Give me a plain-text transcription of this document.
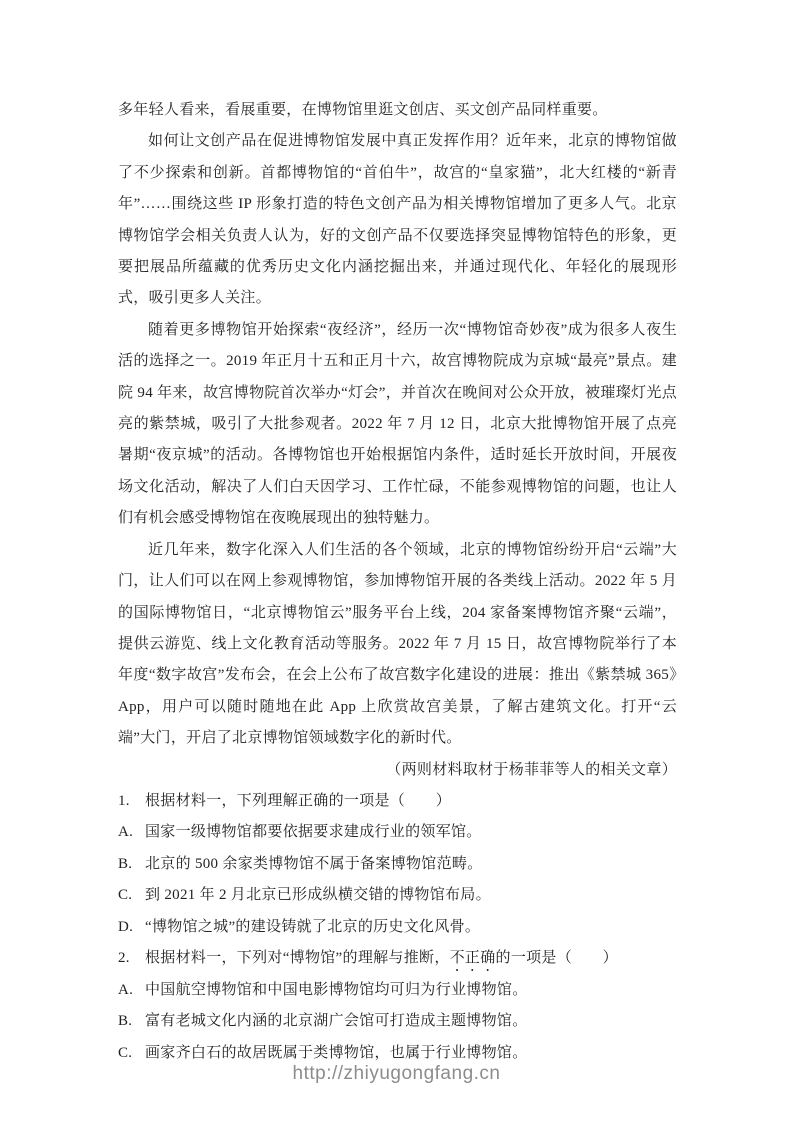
多年轻人看来，看展重要，在博物馆里逛文创店、买文创产品同样重要。

如何让文创产品在促进博物馆发展中真正发挥作用？近年来，北京的博物馆做了不少探索和创新。首都博物馆的“首伯牛”，故宫的“皇家猫”，北大红楼的“新青年”……围绕这些 IP 形象打造的特色文创产品为相关博物馆增加了更多人气。北京博物馆学会相关负责人认为，好的文创产品不仅要选择突显博物馆特色的形象，更要把展品所蕴藏的优秀历史文化内涵挖掘出来，并通过现代化、年轻化的展现形式，吸引更多人关注。

随着更多博物馆开始探索“夜经济”，经历一次“博物馆奇妙夜”成为很多人夜生活的选择之一。2019 年正月十五和正月十六，故宫博物院成为京城“最亮”景点。建院 94 年来，故宫博物院首次举办“灯会”，并首次在晚间对公众开放，被璀璨灯光点亮的紫禁城，吸引了大批参观者。2022 年 7 月 12 日，北京大批博物馆开展了点亮暑期“夜京城”的活动。各博物馆也开始根据馆内条件，适时延长开放时间，开展夜场文化活动，解决了人们白天因学习、工作忙碌，不能参观博物馆的问题，也让人们有机会感受博物馆在夜晚展现出的独特魅力。

近几年来，数字化深入人们生活的各个领域，北京的博物馆纷纷开启“云端”大门，让人们可以在网上参观博物馆，参加博物馆开展的各类线上活动。2022 年 5 月的国际博物馆日，“北京博物馆云”服务平台上线，204 家备案博物馆齐聚“云端”，提供云游览、线上文化教育活动等服务。2022 年 7 月 15 日，故宫博物院举行了本年度“数字故宫”发布会，在会上公布了故宫数字化建设的进展：推出《紫禁城 365》App，用户可以随时随地在此 App 上欣赏故宫美景，了解古建筑文化。打开“云端”大门，开启了北京博物馆领域数字化的新时代。

（两则材料取材于杨菲菲等人的相关文章）

1.	根据材料一，下列理解正确的一项是（　　）

A. 国家一级博物馆都要依据要求建成行业的领军馆。

B. 北京的 500 余家类博物馆不属于备案博物馆范畴。

C. 到 2021 年 2 月北京已形成纵横交错的博物馆布局。

D. “博物馆之城”的建设铸就了北京的历史文化风骨。

2.	根据材料一，下列对“博物馆”的理解与推断，不正确的一项是（　　）

A. 中国航空博物馆和中国电影博物馆均可归为行业博物馆。

B. 富有老城文化内涵的北京湖广会馆可打造成主题博物馆。

C. 画家齐白石的故居既属于类博物馆，也属于行业博物馆。

http://zhiyugongfang.cn
